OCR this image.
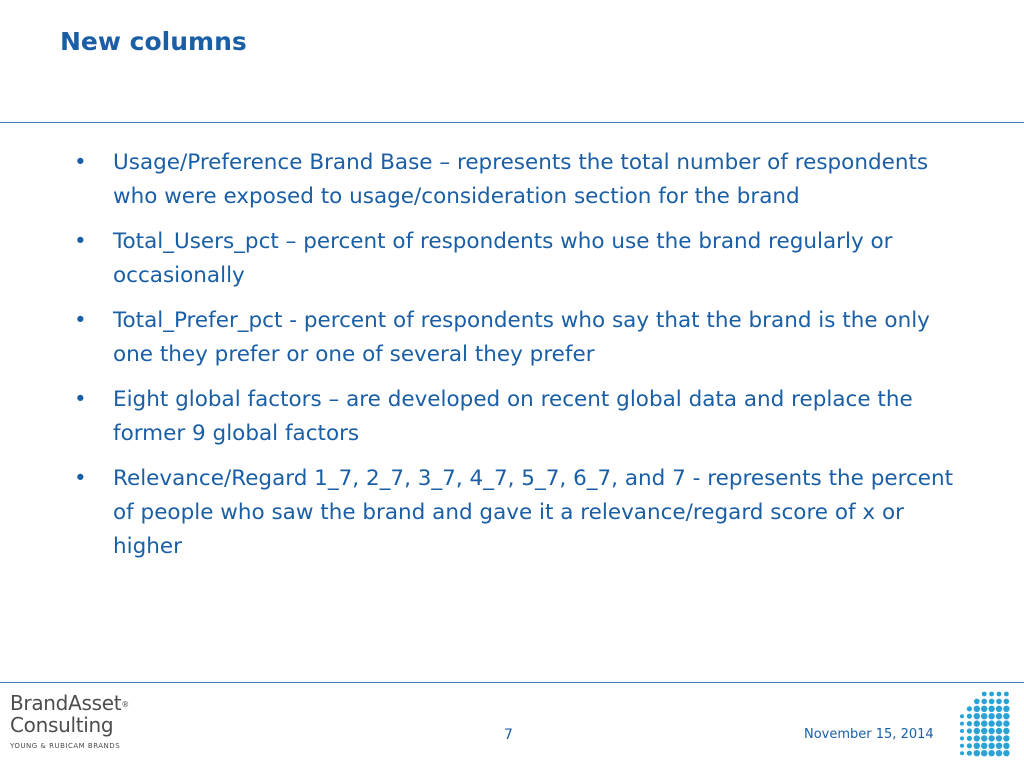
New columns
• Usage/Preference Brand Base – represents the total number of respondents who were exposed to usage/consideration section for the brand
• Total_Users_pct – percent of respondents who use the brand regularly or occasionally
• Total_Prefer_pct - percent of respondents who say that the brand is the only one they prefer or one of several they prefer
• Eight global factors – are developed on recent global data and replace the former 9 global factors
• Relevance/Regard 1_7, 2_7, 3_7, 4_7, 5_7, 6_7, and 7 - represents the percent of people who saw the brand and gave it a relevance/regard score of x or higher
BrandAsset®
Consulting
YOUNG & RUBICAM BRANDS
7	November 15, 2014
